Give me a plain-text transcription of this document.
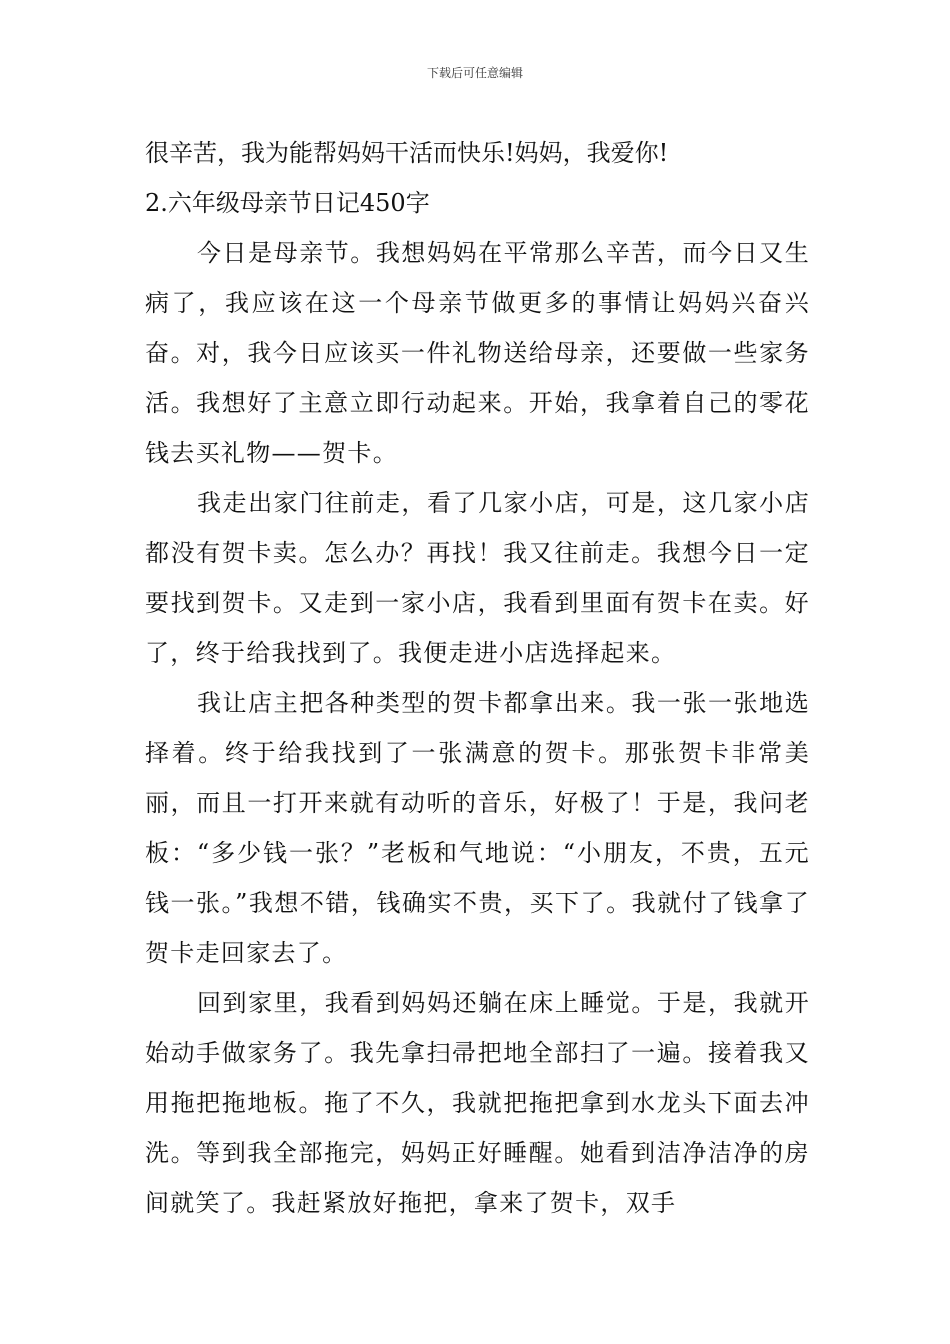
下载后可任意编辑
很辛苦，我为能帮妈妈干活而快乐!妈妈，我爱你!
2.六年级母亲节日记450字

今日是母亲节。我想妈妈在平常那么辛苦，而今日又生病了，我应该在这一个母亲节做更多的事情让妈妈兴奋兴奋。对，我今日应该买一件礼物送给母亲，还要做一些家务活。我想好了主意立即行动起来。开始，我拿着自己的零花钱去买礼物——贺卡。

我走出家门往前走，看了几家小店，可是，这几家小店都没有贺卡卖。怎么办？再找！我又往前走。我想今日一定要找到贺卡。又走到一家小店，我看到里面有贺卡在卖。好了，终于给我找到了。我便走进小店选择起来。

我让店主把各种类型的贺卡都拿出来。我一张一张地选择着。终于给我找到了一张满意的贺卡。那张贺卡非常美丽，而且一打开来就有动听的音乐，好极了！于是，我问老板：“多少钱一张？”老板和气地说：“小朋友，不贵，五元钱一张。”我想不错，钱确实不贵，买下了。我就付了钱拿了贺卡走回家去了。

回到家里，我看到妈妈还躺在床上睡觉。于是，我就开始动手做家务了。我先拿扫帚把地全部扫了一遍。接着我又用拖把拖地板。拖了不久，我就把拖把拿到水龙头下面去冲洗。等到我全部拖完，妈妈正好睡醒。她看到洁净洁净的房间就笑了。我赶紧放好拖把，拿来了贺卡，双手
